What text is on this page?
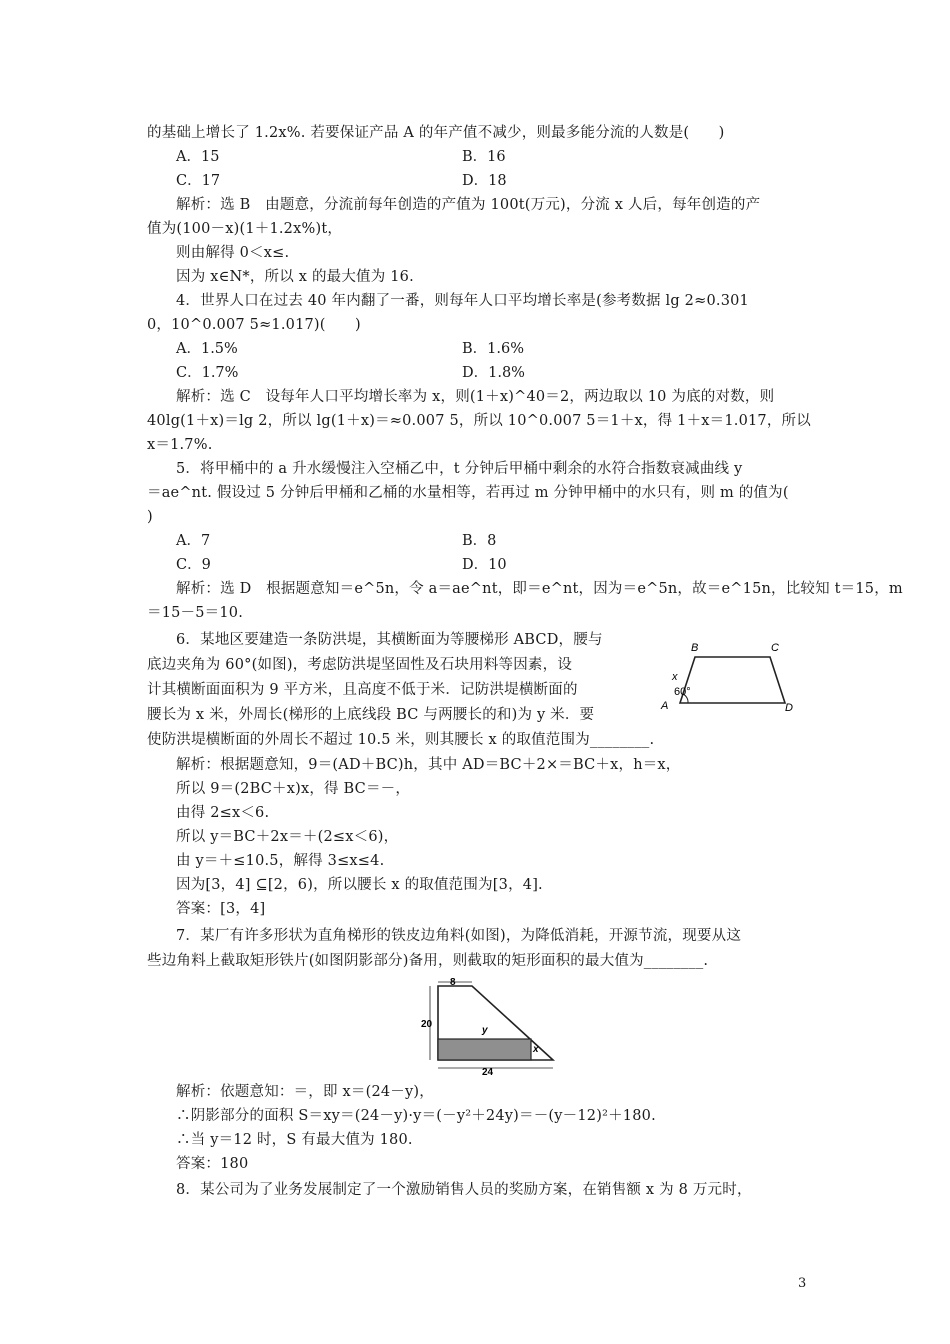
的基础上增长了 1.2x%. 若要保证产品 A 的年产值不减少，则最多能分流的人数是(　　)
A．15	B．16
C．17	D．18
解析：选 B　由题意，分流前每年创造的产值为 100t(万元)，分流 x 人后，每年创造的产
值为(100－x)(1＋1.2x%)t，
则由解得 0＜x≤.
因为 x∈N*，所以 x 的最大值为 16.
4．世界人口在过去 40 年内翻了一番，则每年人口平均增长率是(参考数据 lg 2≈0.301
0，10^0.007 5≈1.017)(　　)
A．1.5%	B．1.6%
C．1.7%	D．1.8%
解析：选 C　设每年人口平均增长率为 x，则(1＋x)^40＝2，两边取以 10 为底的对数，则
40lg(1＋x)＝lg 2，所以 lg(1＋x)＝≈0.007 5，所以 10^0.007 5＝1＋x，得 1＋x＝1.017，所以
x＝1.7%.
5．将甲桶中的 a 升水缓慢注入空桶乙中，t 分钟后甲桶中剩余的水符合指数衰减曲线 y
＝ae^nt. 假设过 5 分钟后甲桶和乙桶的水量相等，若再过 m 分钟甲桶中的水只有，则 m 的值为(
)
A．7	B．8
C．9	D．10
解析：选 D　根据题意知＝e^5n，令 a＝ae^nt，即＝e^nt，因为＝e^5n，故＝e^15n，比较知 t＝15，m
＝15－5＝10.
6．某地区要建造一条防洪堤，其横断面为等腰梯形 ABCD，腰与
底边夹角为 60°(如图)，考虑防洪堤坚固性及石块用料等因素，设
计其横断面面积为 9 平方米，且高度不低于米．记防洪堤横断面的
腰长为 x 米，外周长(梯形的上底线段 BC 与两腰长的和)为 y 米．要
使防洪堤横断面的外周长不超过 10.5 米，则其腰长 x 的取值范围为________.
B	C
x
60°
A	D
解析：根据题意知，9＝(AD＋BC)h，其中 AD＝BC＋2×＝BC＋x，h＝x，
所以 9＝(2BC＋x)x，得 BC＝－，
由得 2≤x＜6.
所以 y＝BC＋2x＝＋(2≤x＜6)，
由 y＝＋≤10.5，解得 3≤x≤4.
因为[3，4] ⊆[2，6)，所以腰长 x 的取值范围为[3，4].
答案：[3，4]
7．某厂有许多形状为直角梯形的铁皮边角料(如图)，为降低消耗，开源节流，现要从这
些边角料上截取矩形铁片(如图阴影部分)备用，则截取的矩形面积的最大值为________.
8
20
y
x
24
解析：依题意知：＝，即 x＝(24－y)，
∴阴影部分的面积 S＝xy＝(24－y)·y＝(－y²＋24y)＝－(y－12)²＋180.
∴当 y＝12 时，S 有最大值为 180.
答案：180
8．某公司为了业务发展制定了一个激励销售人员的奖励方案，在销售额 x 为 8 万元时，
3
